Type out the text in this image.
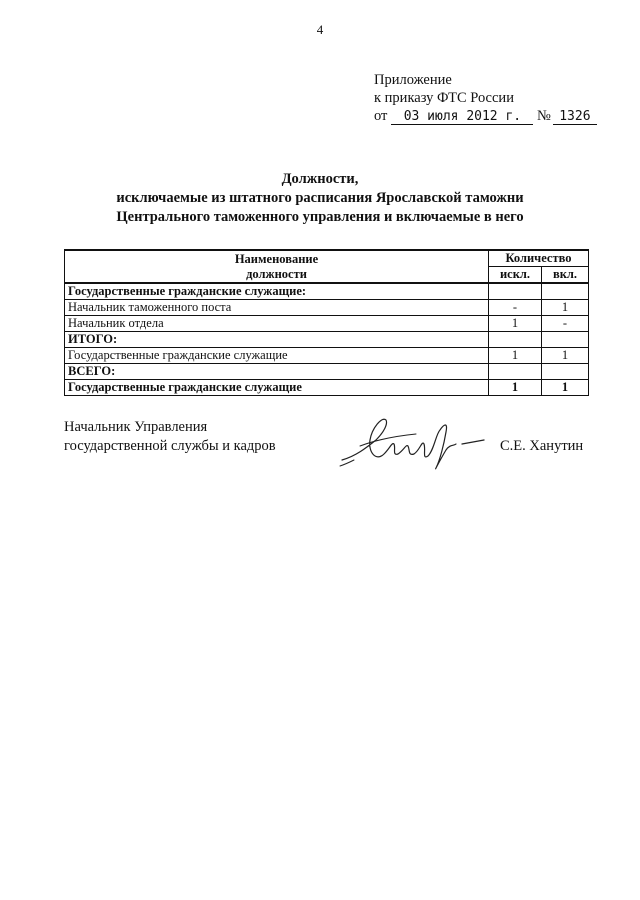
4
Приложение
к приказу ФТС России
от 03 июля 2012 г. № 1326
Должности,
исключаемые из штатного расписания Ярославской таможни
Центрального таможенного управления и включаемые в него
Наименование
должности	Количество	
	искл.	вкл.
Государственные гражданские служащие:		
Начальник таможенного поста	-	1
Начальник отдела	1	-
ИТОГО:		
Государственные гражданские служащие	1	1
ВСЕГО:		
Государственные гражданские служащие	1	1
Начальник Управления
государственной службы и кадров	С.Е. Ханутин
